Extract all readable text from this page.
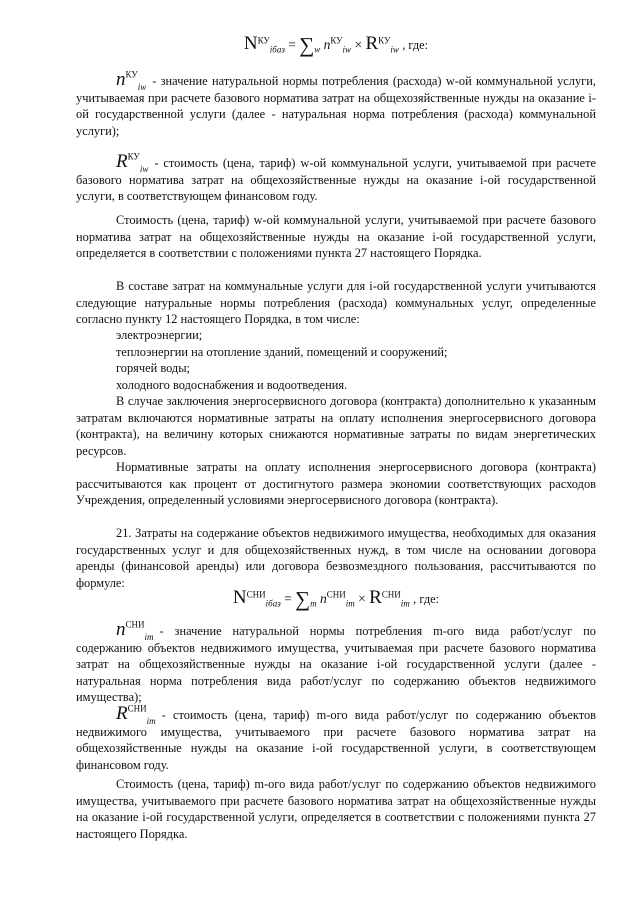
$N^{КУ}_{iбаз} = \sum_w$ $n^{КУ}_{iw} \times R^{КУ}_{iw}$ , где:

$n^{КУ}_{iw}$ - значение натуральной нормы потребления (расхода) w-ой коммунальной услуги, учитываемая при расчете базового норматива затрат на общехозяйственные нужды на оказание i-ой государственной услуги (далее - натуральная норма потребления (расхода) коммунальной услуги);

$R^{КУ}_{iw}$ - стоимость (цена, тариф) w-ой коммунальной услуги, учитываемой при расчете базового норматива затрат на общехозяйственные нужды на оказание i-ой государственной услуги, в соответствующем финансовом году.

Стоимость (цена, тариф) w-ой коммунальной услуги, учитываемой при расчете базового норматива затрат на общехозяйственные нужды на оказание i-ой государственной услуги, определяется в соответствии с положениями пункта 27 настоящего Порядка.

В составе затрат на коммунальные услуги для i-ой государственной услуги учитываются следующие натуральные нормы потребления (расхода) коммунальных услуг, определенные согласно пункту 12 настоящего Порядка, в том числе:

электроэнергии;
теплоэнергии на отопление зданий, помещений и сооружений;
горячей воды;
холодного водоснабжения и водоотведения.

В случае заключения энергосервисного договора (контракта) дополнительно к указанным затратам включаются нормативные затраты на оплату исполнения энергосервисного договора (контракта), на величину которых снижаются нормативные затраты по видам энергетических ресурсов.

Нормативные затраты на оплату исполнения энергосервисного договора (контракта) рассчитываются как процент от достигнутого размера экономии соответствующих расходов Учреждения, определенный условиями энергосервисного договора (контракта).

21. Затраты на содержание объектов недвижимого имущества, необходимых для оказания государственных услуг и для общехозяйственных нужд, в том числе на основании договора аренды (финансовой аренды) или договора безвозмездного пользования, рассчитываются по формуле:

$N^{СНИ}_{iбаз} = \sum_m$ $n^{СНИ}_{im} \times R^{СНИ}_{im}$ , где:

$n^{СНИ}_{im}$ - значение натуральной нормы потребления m-ого вида работ/услуг по содержанию объектов недвижимого имущества, учитываемая при расчете базового норматива затрат на общехозяйственные нужды на оказание i-ой государственной услуги (далее - натуральная норма потребления вида работ/услуг по содержанию объектов недвижимого имущества);

$R^{СНИ}_{im}$ - стоимость (цена, тариф) m-ого вида работ/услуг по содержанию объектов недвижимого имущества, учитываемого при расчете базового норматива затрат на общехозяйственные нужды на оказание i-ой государственной услуги, в соответствующем финансовом году.

Стоимость (цена, тариф) m-ого вида работ/услуг по содержанию объектов недвижимого имущества, учитываемого при расчете базового норматива затрат на общехозяйственные нужды на оказание i-ой государственной услуги, определяется в соответствии с положениями пункта 27 настоящего Порядка.
